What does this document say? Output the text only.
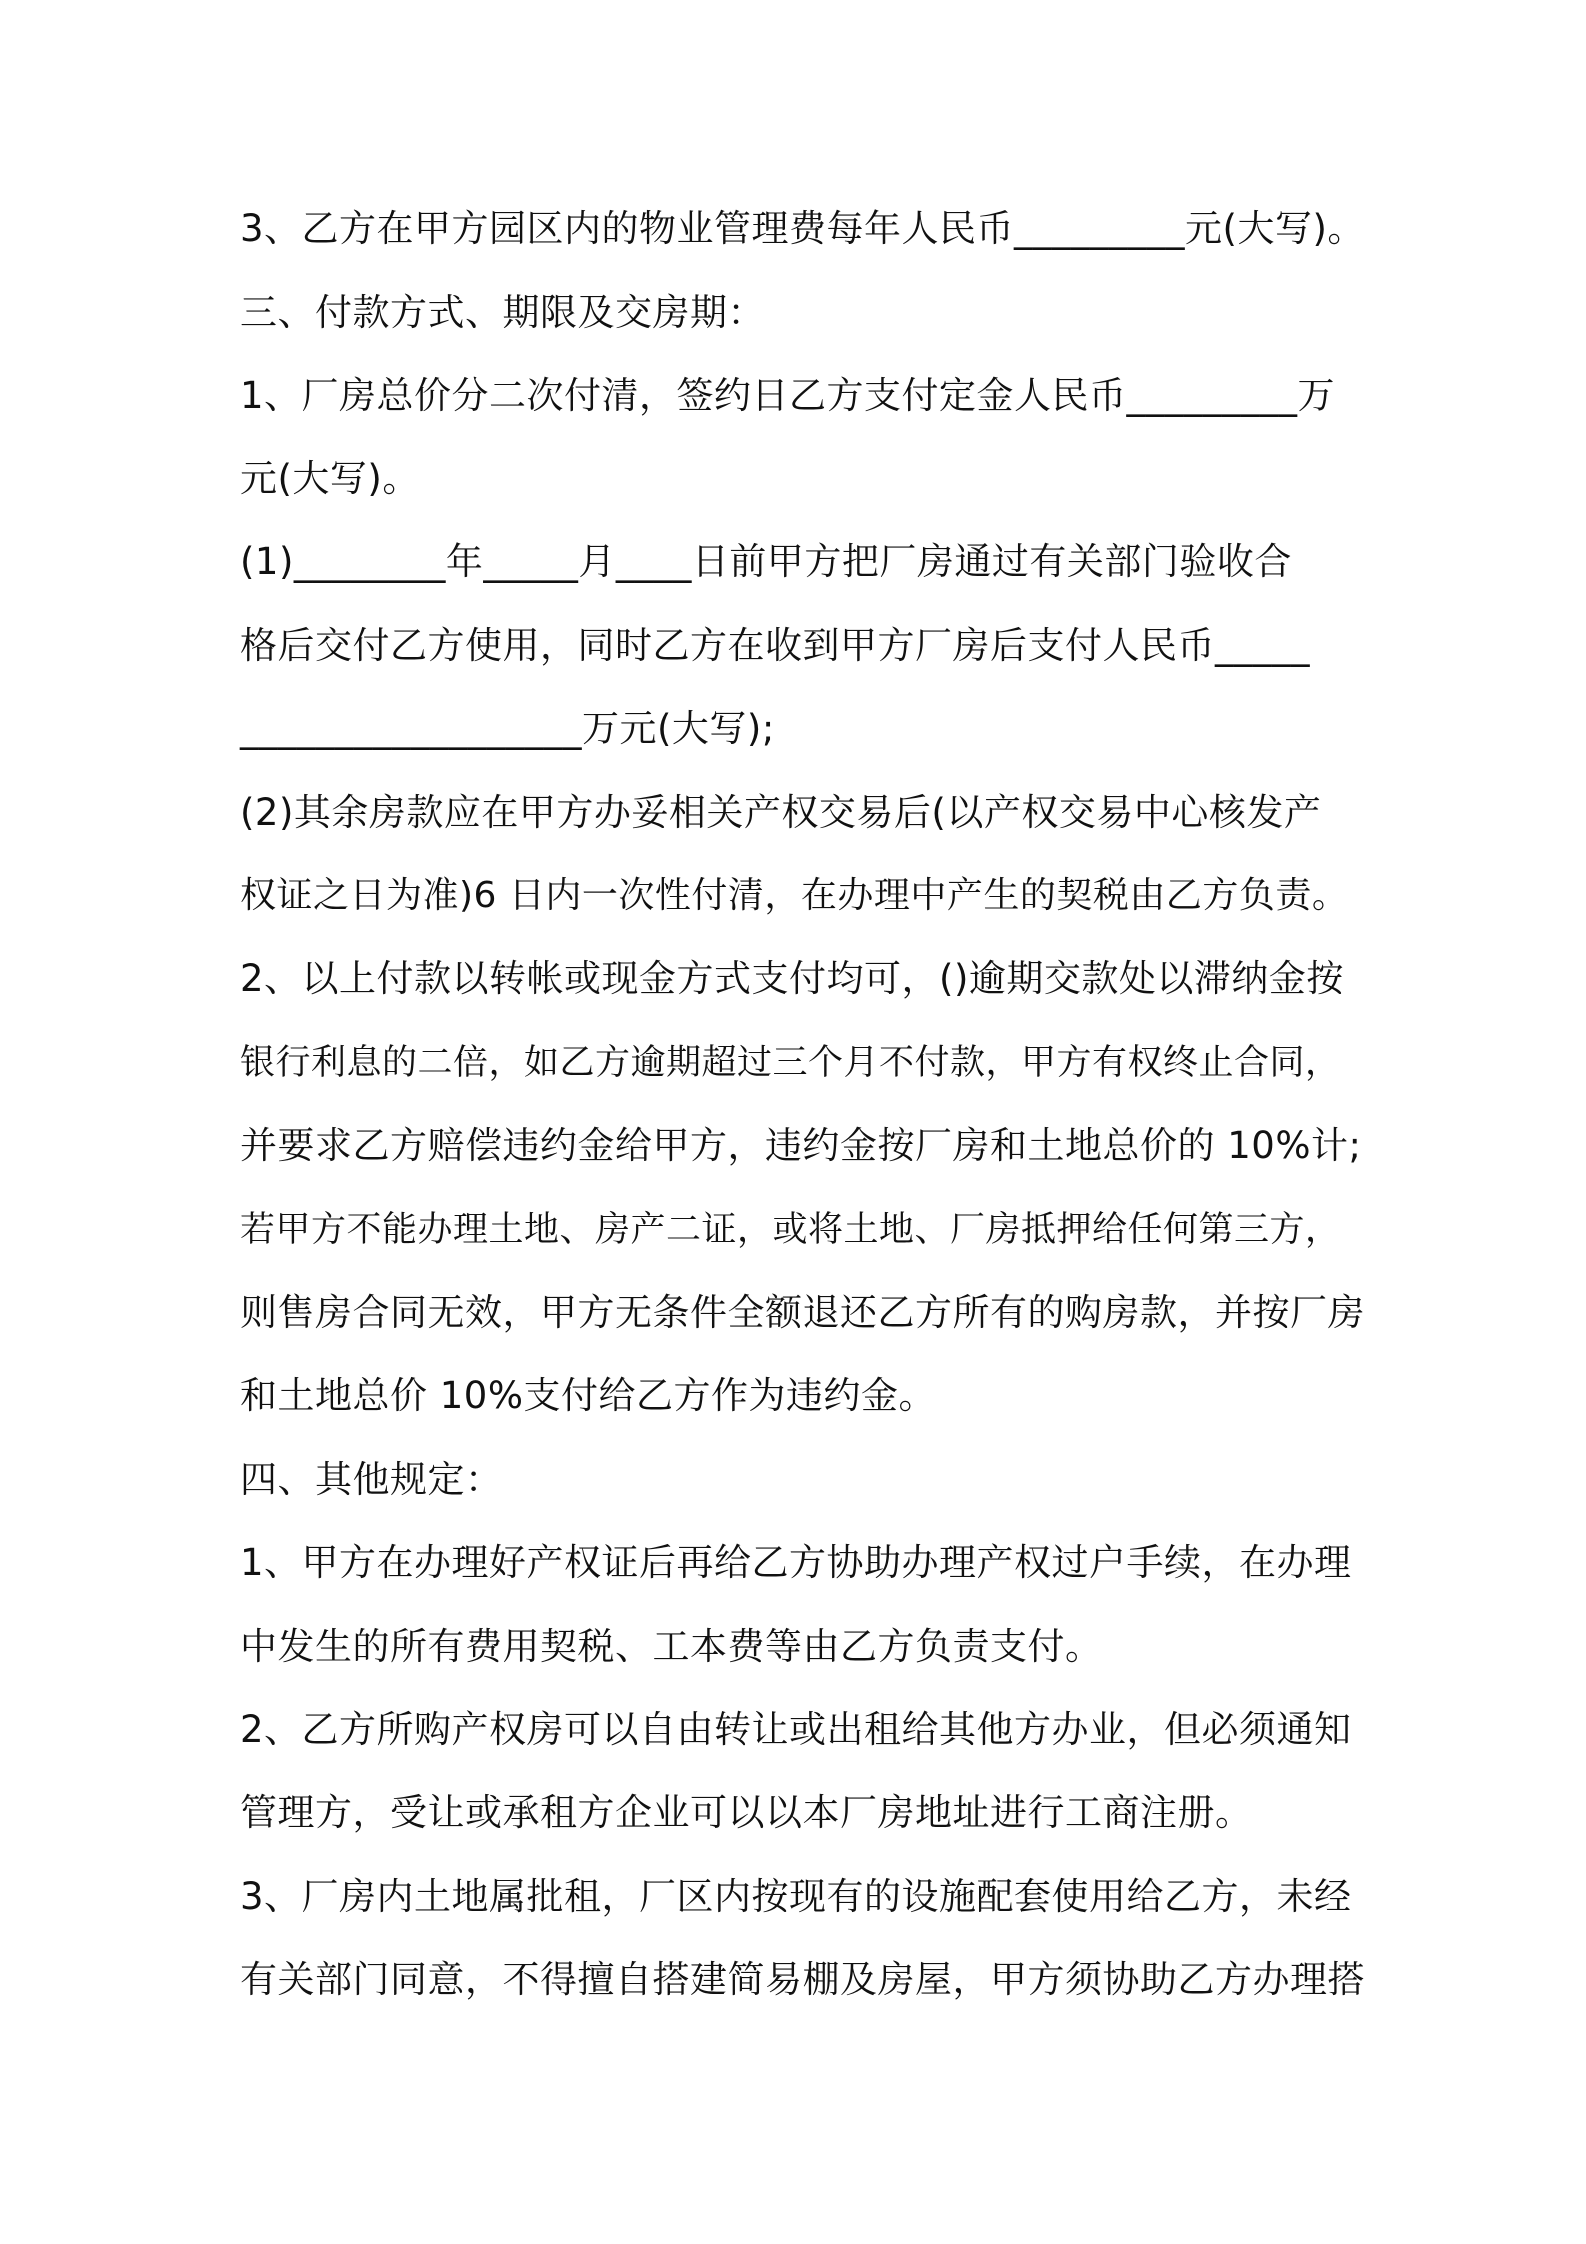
3、乙方在甲方园区内的物业管理费每年人民币_________元(大写)。
三、付款方式、期限及交房期：
1、厂房总价分二次付清，签约日乙方支付定金人民币_________万
元(大写)。
(1)________年_____月____日前甲方把厂房通过有关部门验收合
格后交付乙方使用，同时乙方在收到甲方厂房后支付人民币_____
__________________万元(大写);
(2)其余房款应在甲方办妥相关产权交易后(以产权交易中心核发产
权证之日为准)6 日内一次性付清，在办理中产生的契税由乙方负责。
2、以上付款以转帐或现金方式支付均可，()逾期交款处以滞纳金按
银行利息的二倍，如乙方逾期超过三个月不付款，甲方有权终止合同，
并要求乙方赔偿违约金给甲方，违约金按厂房和土地总价的 10%计;
若甲方不能办理土地、房产二证，或将土地、厂房抵押给任何第三方，
则售房合同无效，甲方无条件全额退还乙方所有的购房款，并按厂房
和土地总价 10%支付给乙方作为违约金。
四、其他规定：
1、甲方在办理好产权证后再给乙方协助办理产权过户手续，在办理
中发生的所有费用契税、工本费等由乙方负责支付。
2、乙方所购产权房可以自由转让或出租给其他方办业，但必须通知
管理方，受让或承租方企业可以以本厂房地址进行工商注册。
3、厂房内土地属批租，厂区内按现有的设施配套使用给乙方，未经
有关部门同意，不得擅自搭建简易棚及房屋，甲方须协助乙方办理搭
